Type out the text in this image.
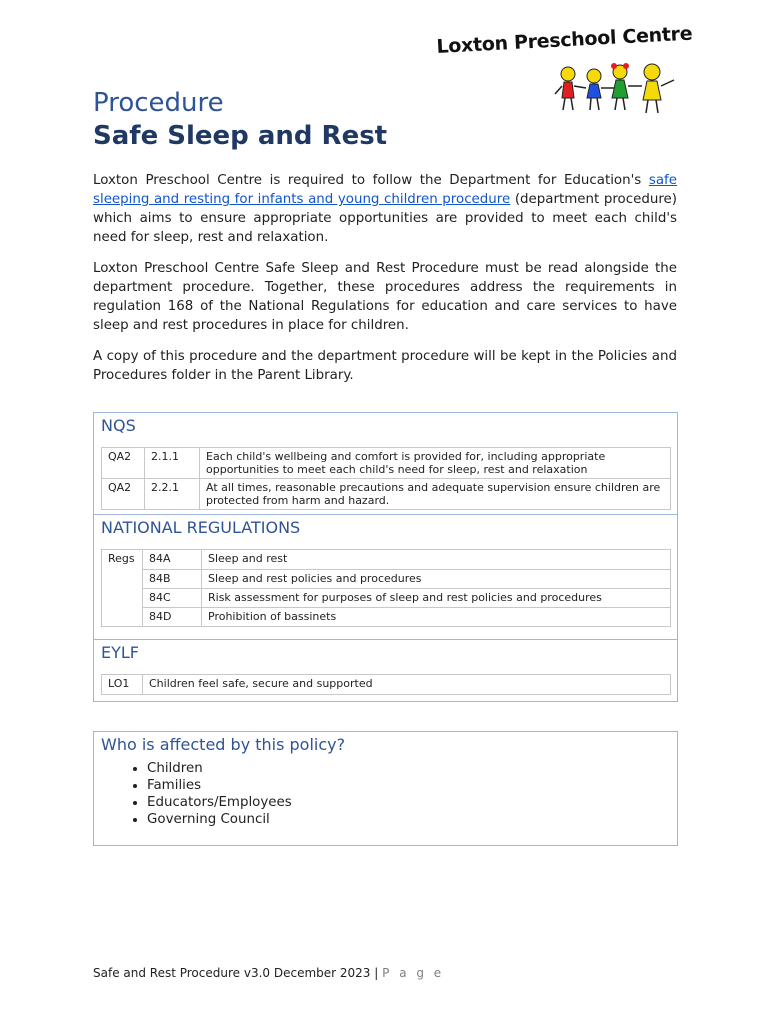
Loxton Preschool Centre
Procedure
Safe Sleep and Rest

Loxton Preschool Centre is required to follow the Department for Education's safe sleeping and resting for infants and young children procedure (department procedure) which aims to ensure appropriate opportunities are provided to meet each child's need for sleep, rest and relaxation.

Loxton Preschool Centre Safe Sleep and Rest Procedure must be read alongside the department procedure. Together, these procedures address the requirements in regulation 168 of the National Regulations for education and care services to have sleep and rest procedures in place for children.

A copy of this procedure and the department procedure will be kept in the Policies and Procedures folder in the Parent Library.

NQS
QA2	2.1.1	Each child's wellbeing and comfort is provided for, including appropriate opportunities to meet each child's need for sleep, rest and relaxation
QA2	2.2.1	At all times, reasonable precautions and adequate supervision ensure children are protected from harm and hazard.
NATIONAL REGULATIONS
Regs	84A	Sleep and rest
	84B	Sleep and rest policies and procedures
	84C	Risk assessment for purposes of sleep and rest policies and procedures
	84D	Prohibition of bassinets
EYLF
LO1	Children feel safe, secure and supported
Who is affected by this policy?
• Children
• Families
• Educators/Employees
• Governing Council
Safe and Rest Procedure v3.0 December 2023 | P a g e
